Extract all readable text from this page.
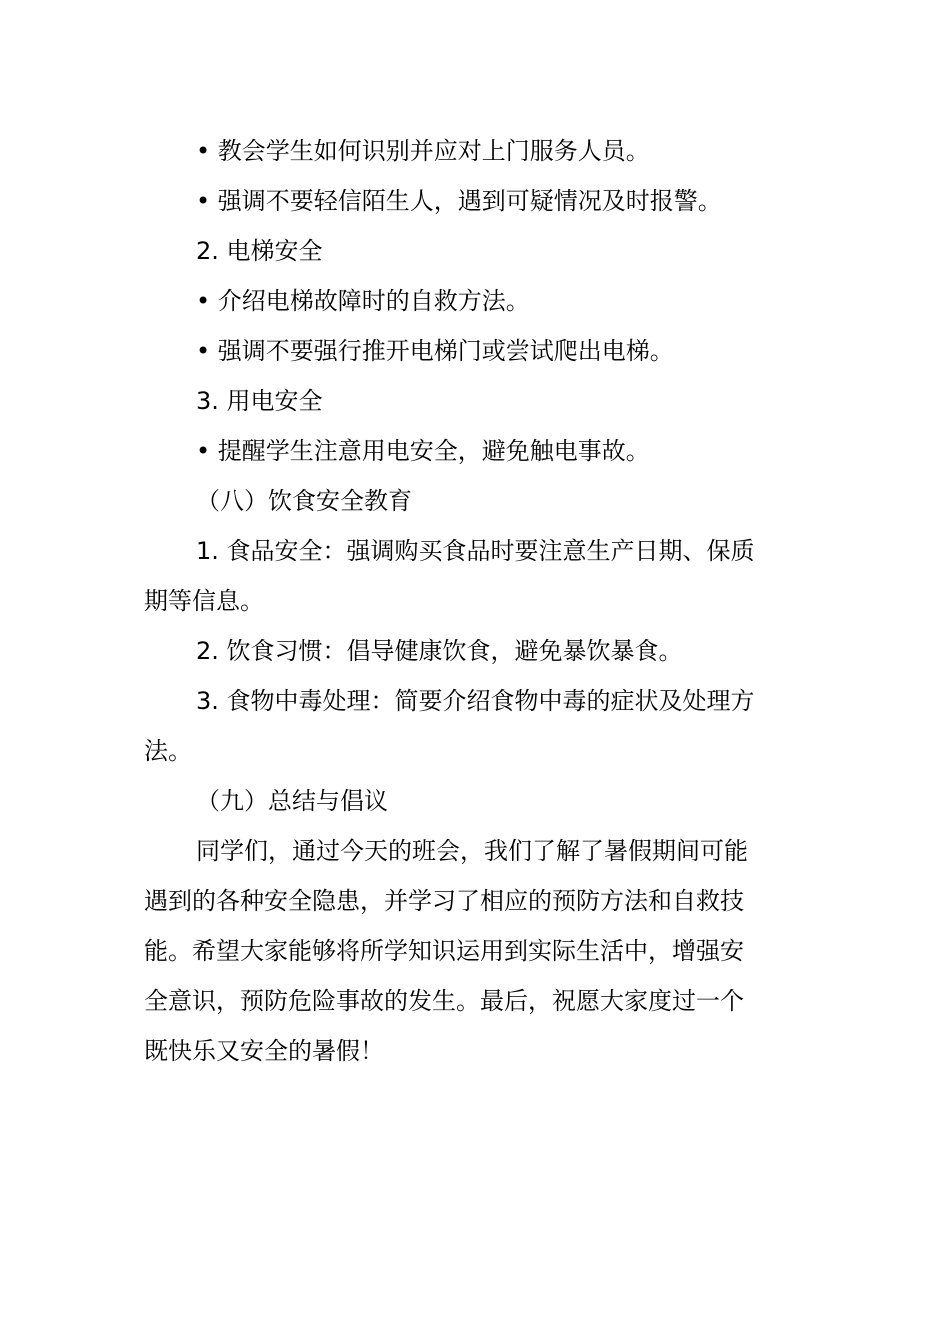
• 教会学生如何识别并应对上门服务人员。

• 强调不要轻信陌生人，遇到可疑情况及时报警。

2. 电梯安全

• 介绍电梯故障时的自救方法。

• 强调不要强行推开电梯门或尝试爬出电梯。

3. 用电安全

• 提醒学生注意用电安全，避免触电事故。

（八）饮食安全教育

1. 食品安全：强调购买食品时要注意生产日期、保质

期等信息。

2. 饮食习惯：倡导健康饮食，避免暴饮暴食。

3. 食物中毒处理：简要介绍食物中毒的症状及处理方

法。

（九）总结与倡议

同学们，通过今天的班会，我们了解了暑假期间可能

遇到的各种安全隐患，并学习了相应的预防方法和自救技

能。希望大家能够将所学知识运用到实际生活中，增强安

全意识，预防危险事故的发生。最后，祝愿大家度过一个

既快乐又安全的暑假！
